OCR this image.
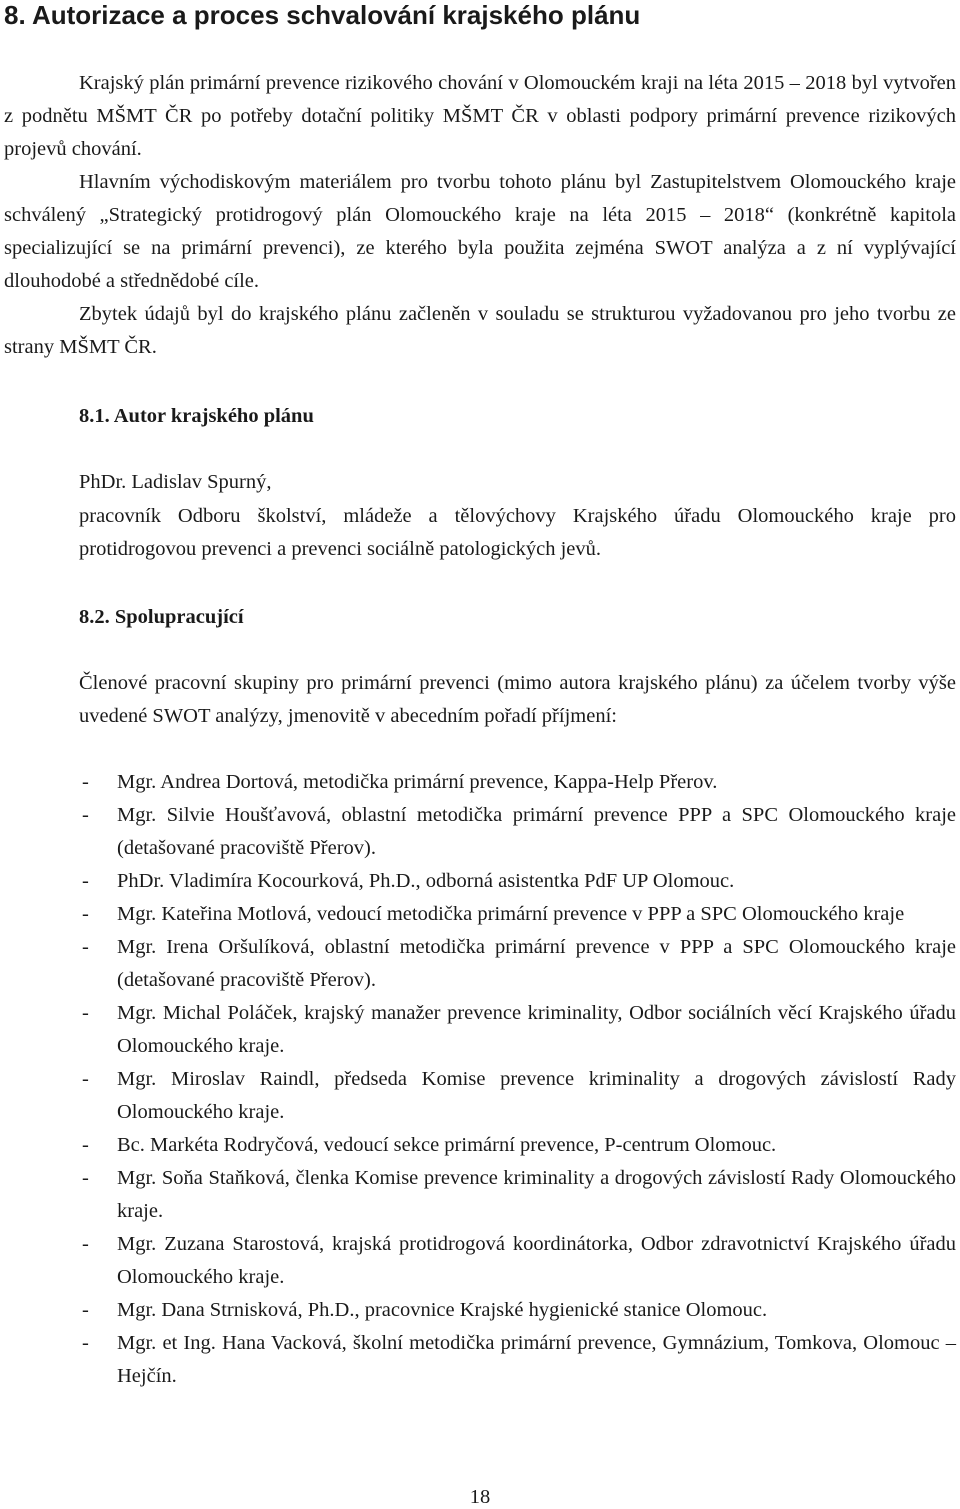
8. Autorizace a proces schvalování krajského plánu

Krajský plán primární prevence rizikového chování v Olomouckém kraji na léta 2015 – 2018 byl vytvořen z podnětu MŠMT ČR po potřeby dotační politiky MŠMT ČR v oblasti podpory primární prevence rizikových projevů chování.

Hlavním východiskovým materiálem pro tvorbu tohoto plánu byl Zastupitelstvem Olomouckého kraje schválený „Strategický protidrogový plán Olomouckého kraje na léta 2015 – 2018“ (konkrétně kapitola specializující se na primární prevenci), ze kterého byla použita zejména SWOT analýza a z ní vyplývající dlouhodobé a střednědobé cíle.

Zbytek údajů byl do krajského plánu začleněn v souladu se strukturou vyžadovanou pro jeho tvorbu ze strany MŠMT ČR.

8.1. Autor krajského plánu

PhDr. Ladislav Spurný,

pracovník Odboru školství, mládeže a tělovýchovy Krajského úřadu Olomouckého kraje pro protidrogovou prevenci a prevenci sociálně patologických jevů.

8.2. Spolupracující

Členové pracovní skupiny pro primární prevenci (mimo autora krajského plánu) za účelem tvorby výše uvedené SWOT analýzy, jmenovitě v abecedním pořadí příjmení:

- Mgr. Andrea Dortová, metodička primární prevence, Kappa-Help Přerov.
- Mgr. Silvie Houšťavová, oblastní metodička primární prevence PPP a SPC Olomouckého kraje (detašované pracoviště Přerov).
- PhDr. Vladimíra Kocourková, Ph.D., odborná asistentka PdF UP Olomouc.
- Mgr. Kateřina Motlová, vedoucí metodička primární prevence v PPP a SPC Olomouckého kraje
- Mgr. Irena Oršulíková, oblastní metodička primární prevence v PPP a SPC Olomouckého kraje (detašované pracoviště Přerov).
- Mgr. Michal Poláček, krajský manažer prevence kriminality, Odbor sociálních věcí Krajského úřadu Olomouckého kraje.
- Mgr. Miroslav Raindl, předseda Komise prevence kriminality a drogových závislostí Rady Olomouckého kraje.
- Bc. Markéta Rodryčová, vedoucí sekce primární prevence, P-centrum Olomouc.
- Mgr. Soňa Staňková, členka Komise prevence kriminality a drogových závislostí Rady Olomouckého kraje.
- Mgr. Zuzana Starostová, krajská protidrogová koordinátorka, Odbor zdravotnictví Krajského úřadu Olomouckého kraje.
- Mgr. Dana Strnisková, Ph.D., pracovnice Krajské hygienické stanice Olomouc.
- Mgr. et Ing. Hana Vacková, školní metodička primární prevence, Gymnázium, Tomkova, Olomouc – Hejčín.

18
